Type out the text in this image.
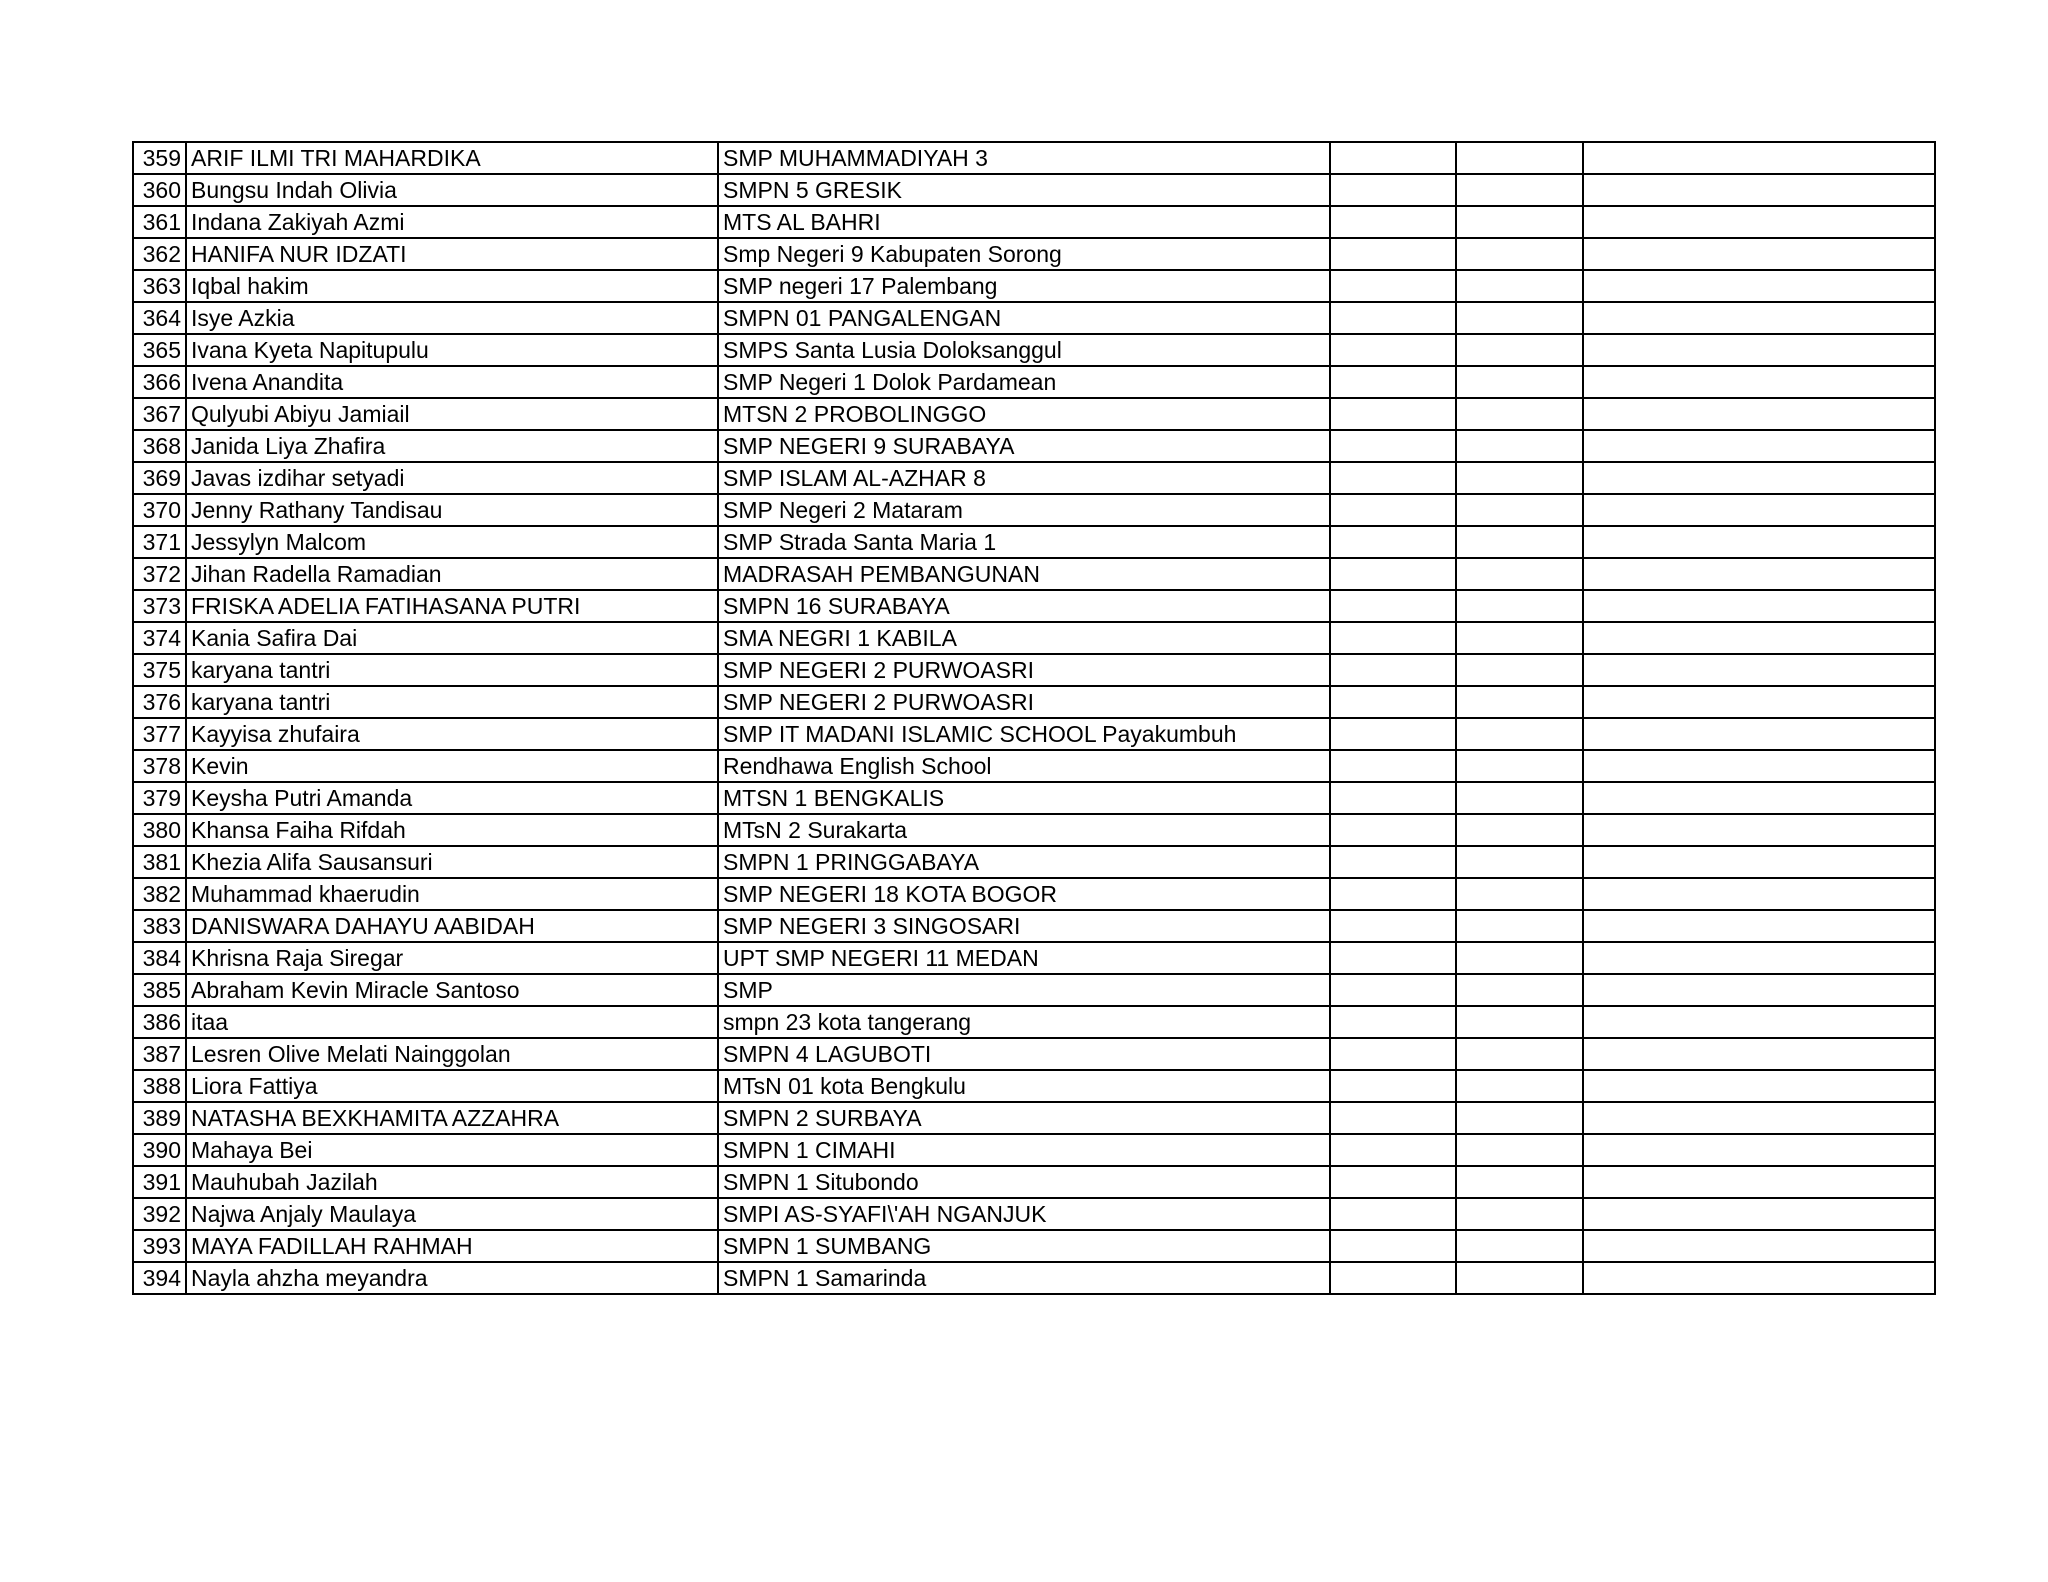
359	ARIF ILMI TRI MAHARDIKA	SMP MUHAMMADIYAH 3			
360	Bungsu Indah Olivia	SMPN 5 GRESIK			
361	Indana Zakiyah Azmi	MTS AL BAHRI			
362	HANIFA NUR IDZATI	Smp Negeri 9 Kabupaten Sorong			
363	Iqbal hakim	SMP negeri 17 Palembang			
364	Isye Azkia	SMPN 01 PANGALENGAN			
365	Ivana Kyeta Napitupulu	SMPS Santa Lusia Doloksanggul			
366	Ivena Anandita	SMP Negeri 1 Dolok Pardamean			
367	Qulyubi Abiyu Jamiail	MTSN 2 PROBOLINGGO			
368	Janida Liya Zhafira	SMP NEGERI 9 SURABAYA			
369	Javas izdihar setyadi	SMP ISLAM AL-AZHAR 8			
370	Jenny Rathany Tandisau	SMP Negeri 2 Mataram			
371	Jessylyn Malcom	SMP Strada Santa Maria 1			
372	Jihan Radella Ramadian	MADRASAH PEMBANGUNAN			
373	FRISKA ADELIA FATIHASANA PUTRI	SMPN 16 SURABAYA			
374	Kania Safira Dai	SMA NEGRI 1 KABILA			
375	karyana tantri	SMP NEGERI 2 PURWOASRI			
376	karyana tantri	SMP NEGERI 2 PURWOASRI			
377	Kayyisa zhufaira	SMP IT MADANI ISLAMIC SCHOOL Payakumbuh			
378	Kevin	Rendhawa English School			
379	Keysha Putri Amanda	MTSN 1 BENGKALIS			
380	Khansa Faiha Rifdah	MTsN 2 Surakarta			
381	Khezia Alifa Sausansuri	SMPN 1 PRINGGABAYA			
382	Muhammad khaerudin	SMP NEGERI 18 KOTA BOGOR			
383	DANISWARA DAHAYU AABIDAH	SMP NEGERI 3 SINGOSARI			
384	Khrisna Raja Siregar	UPT SMP NEGERI 11 MEDAN			
385	Abraham Kevin Miracle Santoso	SMP			
386	itaa	smpn 23 kota tangerang			
387	Lesren Olive Melati Nainggolan	SMPN 4 LAGUBOTI			
388	Liora Fattiya	MTsN 01 kota Bengkulu			
389	NATASHA BEXKHAMITA AZZAHRA	SMPN 2 SURBAYA			
390	Mahaya Bei	SMPN 1 CIMAHI			
391	Mauhubah Jazilah	SMPN 1 Situbondo			
392	Najwa Anjaly Maulaya	SMPI AS-SYAFI\'AH NGANJUK			
393	MAYA FADILLAH RAHMAH	SMPN 1 SUMBANG			
394	Nayla ahzha meyandra	SMPN 1 Samarinda			
